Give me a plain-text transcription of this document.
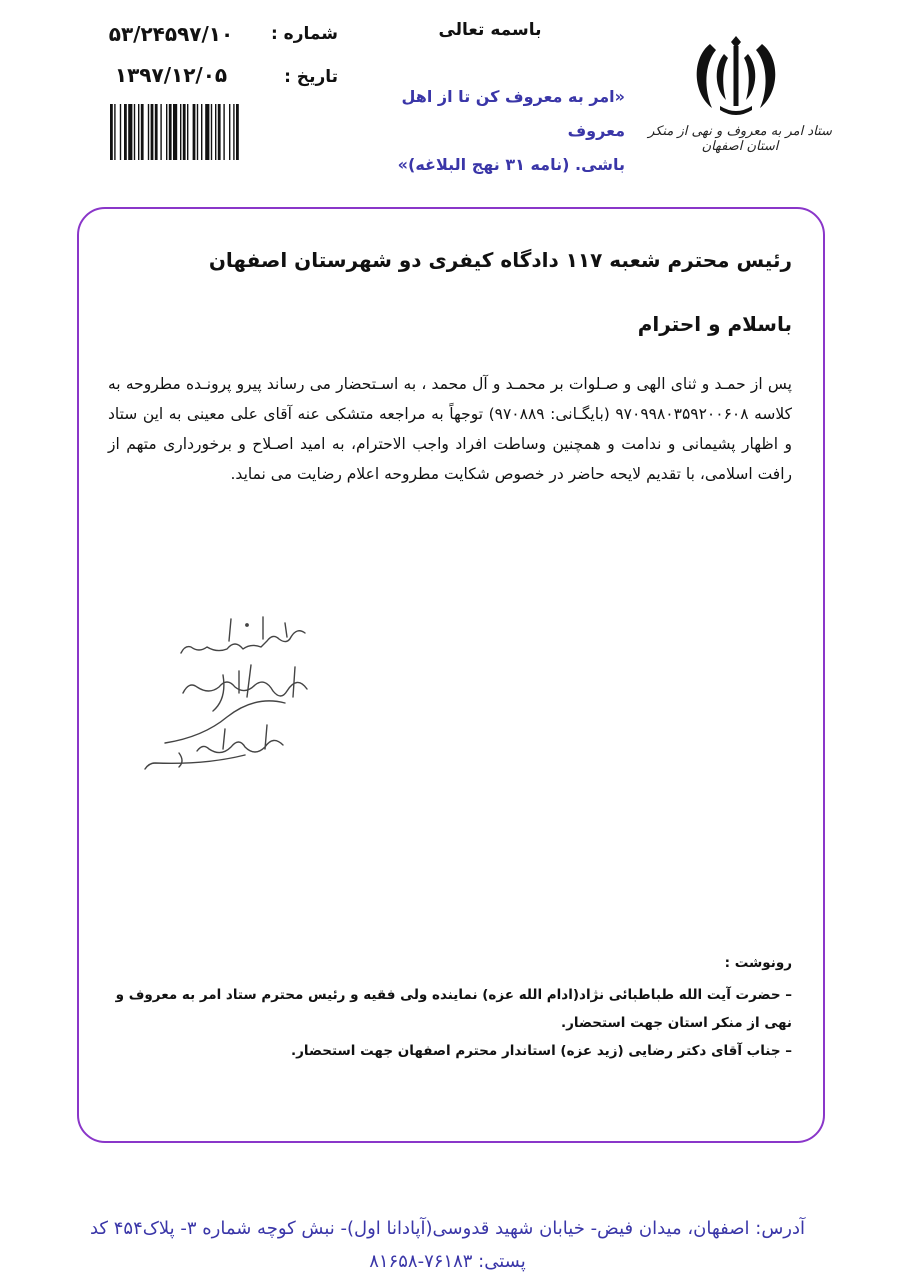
باسمه تعالی
شماره :
۵۳/۲۴۵۹۷/۱۰
تاریخ :
۱۳۹۷/۱۲/۰۵
«امر به معروف کن تا از اهل معروف
باشی. (نامه ۳۱ نهج البلاغه)»
ستاد امر به معروف و نهی از منکر استان اصفهان
رئیس محترم شعبه ۱۱۷ دادگاه کیفری دو شهرستان اصفهان
باسلام و احترام
پس از حمـد و ثنای الهی و صـلوات بر محمـد و آل محمد ، به اسـتحضار می رساند پیرو پرونـده مطروحه به کلاسه ۹۷۰۹۹۸۰۳۵۹۲۰۰۶۰۸ (بایگـانی: ۹۷۰۸۸۹) توجهاً به مراجعه متشکی عنه آقای علی معینی به این ستاد و اظهار پشیمانی و ندامت و همچنین وساطت افراد واجب الاحترام، به امید اصـلاح و برخورداری متهم از رافت اسلامی، با تقدیم لایحه حاضر در خصوص شکایت مطروحه اعلام رضایت می نماید.
رونوشت :
– حضرت آیت الله طباطبائی نژاد(ادام الله عزه) نماینده ولی فقیه و رئیس محترم ستاد امر به معروف و نهی از منکر استان جهت استحضار.
– جناب آقای دکتر رضایی (زید عزه) استاندار محترم اصفهان جهت استحضار.
آدرس: اصفهان، میدان فیض- خیابان شهید قدوسی(آپادانا اول)- نبش کوچه شماره ۳- پلاک۴۵۴ کد
پستی: ۷۶۱۸۳-۸۱۶۵۸
